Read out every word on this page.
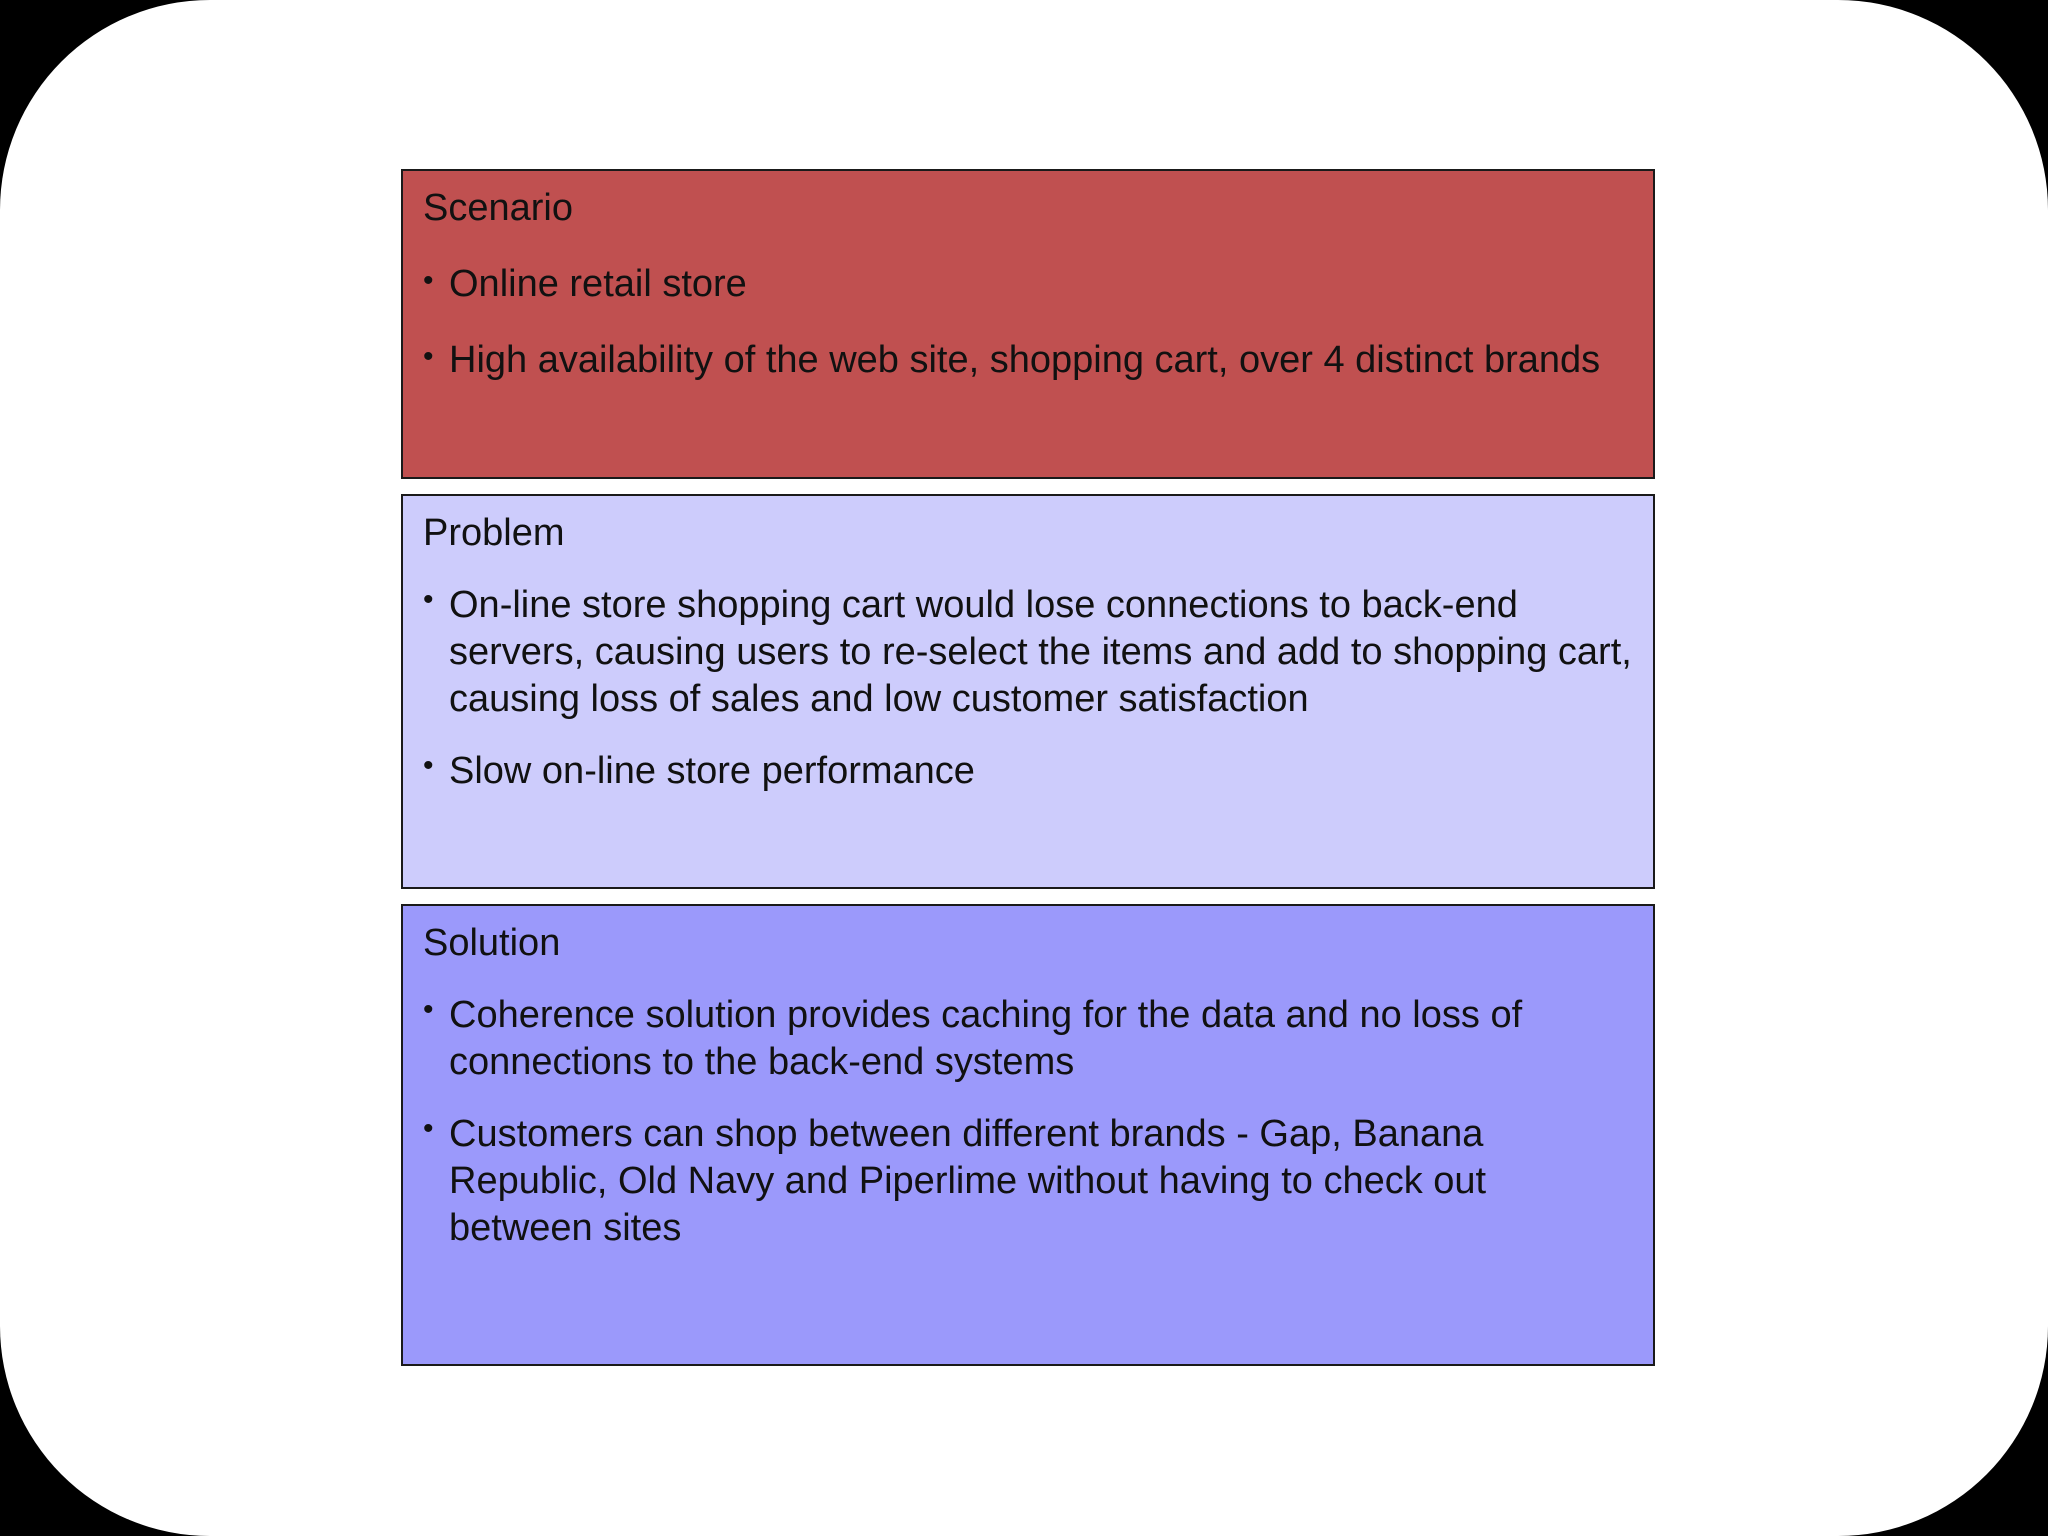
Scenario
• Online retail store
• High availability of the web site, shopping cart, over 4 distinct brands
Problem
• On-line store shopping cart would lose connections to back-end servers, causing users to re-select the items and add to shopping cart, causing loss of sales and low customer satisfaction
• Slow on-line store performance
Solution
• Coherence solution provides caching for the data and no loss of connections to the back-end systems
• Customers can shop between different brands - Gap, Banana Republic, Old Navy and Piperlime without having to check out between sites
